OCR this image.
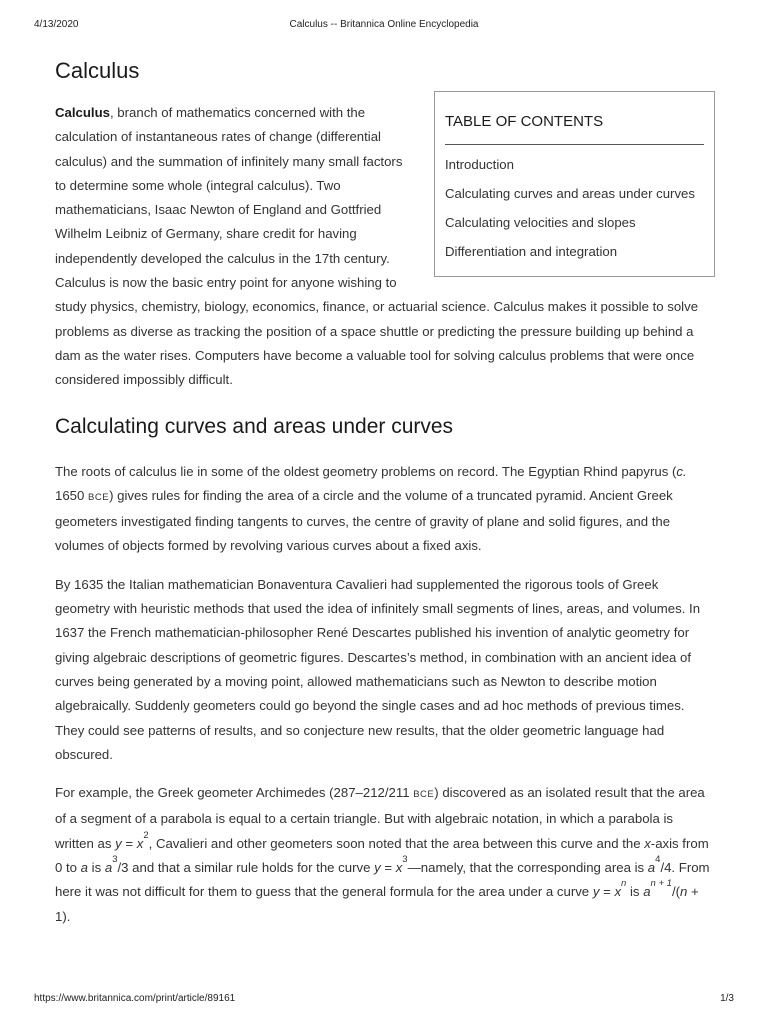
4/13/2020	Calculus -- Britannica Online Encyclopedia
Calculus
TABLE OF CONTENTS
Introduction
Calculating curves and areas under curves
Calculating velocities and slopes
Differentiation and integration

Calculus, branch of mathematics concerned with the calculation of instantaneous rates of change (differential calculus) and the summation of infinitely many small factors to determine some whole (integral calculus). Two mathematicians, Isaac Newton of England and Gottfried Wilhelm Leibniz of Germany, share credit for having independently developed the calculus in the 17th century. Calculus is now the basic entry point for anyone wishing to study physics, chemistry, biology, economics, finance, or actuarial science. Calculus makes it possible to solve problems as diverse as tracking the position of a space shuttle or predicting the pressure building up behind a dam as the water rises. Computers have become a valuable tool for solving calculus problems that were once considered impossibly difficult.

Calculating curves and areas under curves

The roots of calculus lie in some of the oldest geometry problems on record. The Egyptian Rhind papyrus (c. 1650 BCE) gives rules for finding the area of a circle and the volume of a truncated pyramid. Ancient Greek geometers investigated finding tangents to curves, the centre of gravity of plane and solid figures, and the volumes of objects formed by revolving various curves about a fixed axis.

By 1635 the Italian mathematician Bonaventura Cavalieri had supplemented the rigorous tools of Greek geometry with heuristic methods that used the idea of infinitely small segments of lines, areas, and volumes. In 1637 the French mathematician-philosopher René Descartes published his invention of analytic geometry for giving algebraic descriptions of geometric figures. Descartes’s method, in combination with an ancient idea of curves being generated by a moving point, allowed mathematicians such as Newton to describe motion algebraically. Suddenly geometers could go beyond the single cases and ad hoc methods of previous times. They could see patterns of results, and so conjecture new results, that the older geometric language had obscured.

For example, the Greek geometer Archimedes (287–212/211 BCE) discovered as an isolated result that the area of a segment of a parabola is equal to a certain triangle. But with algebraic notation, in which a parabola is written as $y = x^2$, Cavalieri and other geometers soon noted that the area between this curve and the x-axis from 0 to a is $a^3/3$ and that a similar rule holds for the curve $y = x^3—namely$, that the corresponding area is $a^4/4$. From here it was not difficult for them to guess that the general formula for the area under a curve $y = x^n$ is $a^{n + 1}/(n + 1)$.

https://www.britannica.com/print/article/89161	1/3
